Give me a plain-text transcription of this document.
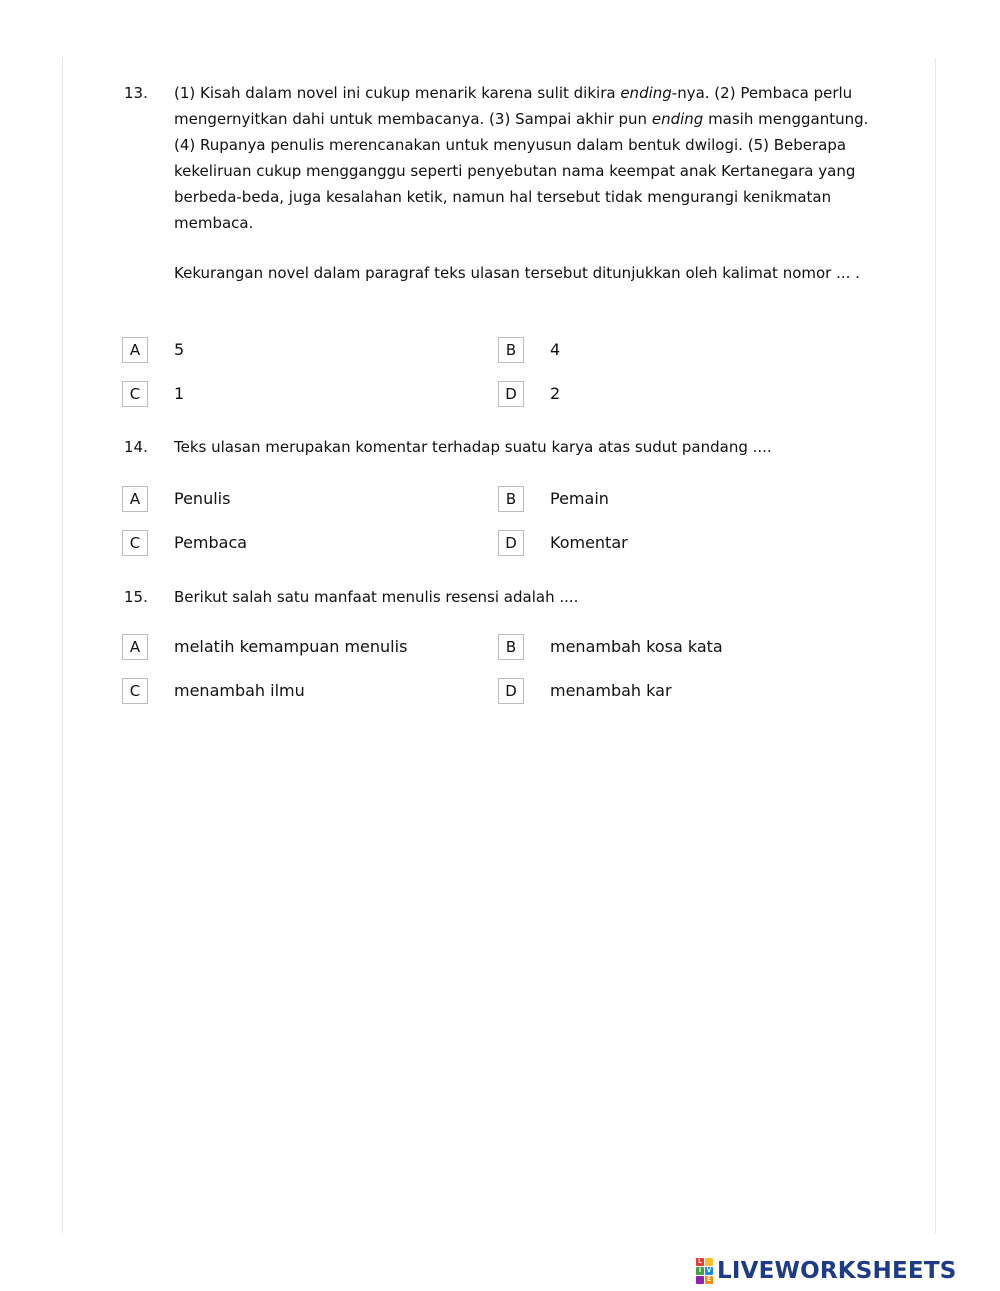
13. (1) Kisah dalam novel ini cukup menarik karena sulit dikira ending-nya. (2) Pembaca perlu mengernyitkan dahi untuk membacanya. (3) Sampai akhir pun ending masih menggantung. (4) Rupanya penulis merencanakan untuk menyusun dalam bentuk dwilogi. (5) Beberapa kekeliruan cukup mengganggu seperti penyebutan nama keempat anak Kertanegara yang berbeda-beda, juga kesalahan ketik, namun hal tersebut tidak mengurangi kenikmatan membaca.

Kekurangan novel dalam paragraf teks ulasan tersebut ditunjukkan oleh kalimat nomor ... .

A	5	B	4
C	1	D	2
14. Teks ulasan merupakan komentar terhadap suatu karya atas sudut pandang ....
A	Penulis	B	Pemain
C	Pembaca	D	Komentar
15. Berikut salah satu manfaat menulis resensi adalah ....
A	melatih kemampuan menulis	B	menambah kosa kata
C	menambah ilmu	D	menambah kar
L
I V
E LIVEWORKSHEETS
